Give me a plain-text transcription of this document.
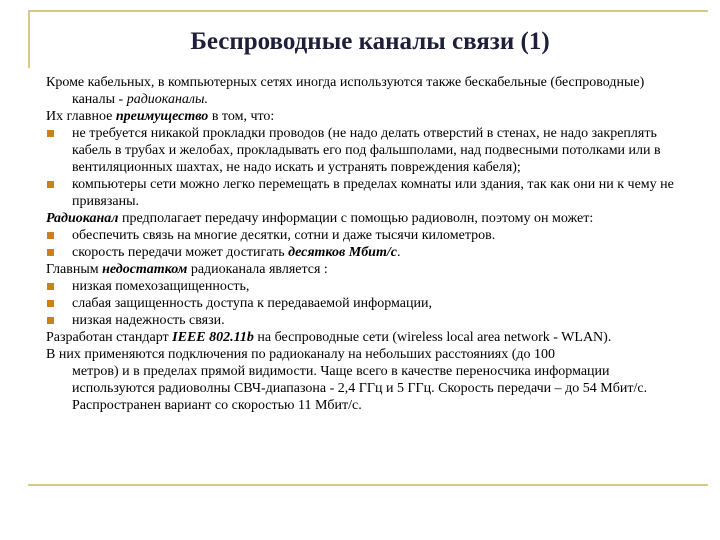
Беспроводные каналы связи (1)

Кроме кабельных, в компьютерных сетях иногда используются также бескабельные (беспроводные) каналы - радиоканалы.

Их главное преимущество в том, что:

не требуется никакой прокладки проводов (не надо делать отверстий в стенах, не надо закреплять кабель в трубах и желобах, прокладывать его под фальшполами, над подвесными потолками или в вентиляционных шахтах, не надо искать и устранять повреждения кабеля);

компьютеры сети можно легко перемещать в пределах комнаты или здания, так как они ни к чему не привязаны.

Радиоканал предполагает передачу информации с помощью радиоволн, поэтому он может:

обеспечить связь на многие десятки, сотни и даже тысячи километров.

скорость передачи может достигать десятков Мбит/с.

Главным недостатком радиоканала является :

низкая помехозащищенность,

слабая защищенность доступа к передаваемой информации,

низкая надежность связи.

Разработан стандарт IEEE 802.11b на беспроводные сети (wireless local area network - WLAN).

В них применяются подключения по радиоканалу на небольших расстояниях (до 100

метров) и в пределах прямой видимости. Чаще всего в качестве переносчика информации используются радиоволны СВЧ-диапазона - 2,4 ГГц и 5 ГГц. Скорость передачи – до 54 Мбит/с. Распространен вариант со скоростью 11 Мбит/с.
